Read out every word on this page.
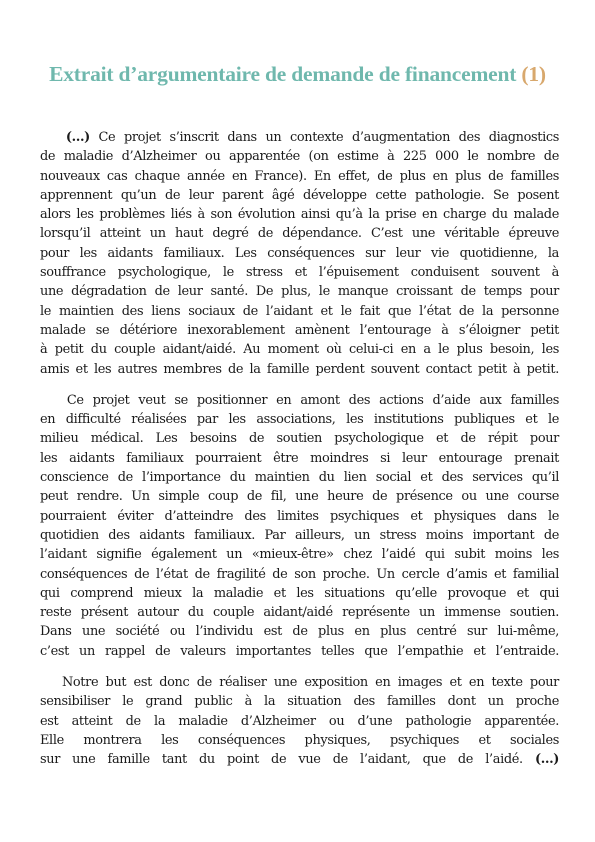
Extrait d’argumentaire de demande de financement (1)

(…) Ce projet s’inscrit dans un contexte d’augmentation des diagnostics
de maladie d’Alzheimer ou apparentée (on estime à 225 000 le nombre de
nouveaux cas chaque année en France). En effet, de plus en plus de familles
apprennent qu’un de leur parent âgé développe cette pathologie. Se posent
alors les problèmes liés à son évolution ainsi qu’à la prise en charge du malade
lorsqu’il atteint un haut degré de dépendance. C’est une véritable épreuve
pour les aidants familiaux. Les conséquences sur leur vie quotidienne, la
souffrance psychologique, le stress et l’épuisement conduisent souvent à
une dégradation de leur santé. De plus, le manque croissant de temps pour
le maintien des liens sociaux de l’aidant et le fait que l’état de la personne
malade se détériore inexorablement amènent l’entourage à s’éloigner petit
à petit du couple aidant/aidé. Au moment où celui-ci en a le plus besoin, les
amis et les autres membres de la famille perdent souvent contact petit à petit.

Ce projet veut se positionner en amont des actions d’aide aux familles
en difficulté réalisées par les associations, les institutions publiques et le
milieu médical. Les besoins de soutien psychologique et de répit pour
les aidants familiaux pourraient être moindres si leur entourage prenait
conscience de l’importance du maintien du lien social et des services qu’il
peut rendre. Un simple coup de fil, une heure de présence ou une course
pourraient éviter d’atteindre des limites psychiques et physiques dans le
quotidien des aidants familiaux. Par ailleurs, un stress moins important de
l’aidant signifie également un «mieux-être» chez l’aidé qui subit moins les
conséquences de l’état de fragilité de son proche. Un cercle d’amis et familial
qui comprend mieux la maladie et les situations qu’elle provoque et qui
reste présent autour du couple aidant/aidé représente un immense soutien.
Dans une société ou l’individu est de plus en plus centré sur lui-même,
c’est un rappel de valeurs importantes telles que l’empathie et l’entraide.

Notre but est donc de réaliser une exposition en images et en texte pour
sensibiliser le grand public à la situation des familles dont un proche
est atteint de la maladie d’Alzheimer ou d’une pathologie apparentée.
Elle montrera les conséquences physiques, psychiques et sociales
sur une famille tant du point de vue de l’aidant, que de l’aidé. (…)
